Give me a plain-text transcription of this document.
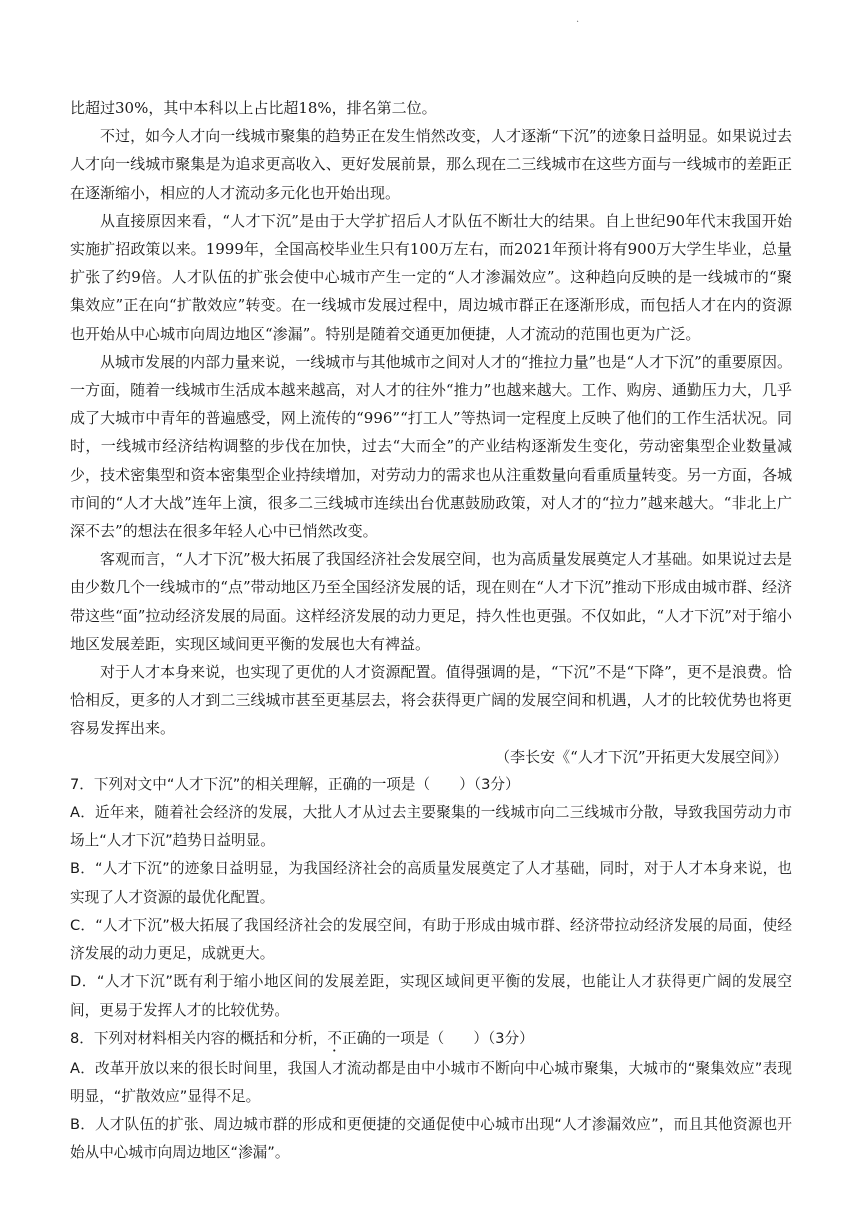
.

比超过30%，其中本科以上占比超18%，排名第二位。

不过，如今人才向一线城市聚集的趋势正在发生悄然改变，人才逐渐“下沉”的迹象日益明显。如果说过去人才向一线城市聚集是为追求更高收入、更好发展前景，那么现在二三线城市在这些方面与一线城市的差距正在逐渐缩小，相应的人才流动多元化也开始出现。

从直接原因来看，“人才下沉”是由于大学扩招后人才队伍不断壮大的结果。自上世纪90年代末我国开始实施扩招政策以来。1999年，全国高校毕业生只有100万左右，而2021年预计将有900万大学生毕业，总量扩张了约9倍。人才队伍的扩张会使中心城市产生一定的“人才渗漏效应”。这种趋向反映的是一线城市的“聚集效应”正在向“扩散效应”转变。在一线城市发展过程中，周边城市群正在逐渐形成，而包括人才在内的资源也开始从中心城市向周边地区“渗漏”。特别是随着交通更加便捷，人才流动的范围也更为广泛。

从城市发展的内部力量来说，一线城市与其他城市之间对人才的“推拉力量”也是“人才下沉”的重要原因。一方面，随着一线城市生活成本越来越高，对人才的往外“推力”也越来越大。工作、购房、通勤压力大，几乎成了大城市中青年的普遍感受，网上流传的“996”“打工人”等热词一定程度上反映了他们的工作生活状况。同时，一线城市经济结构调整的步伐在加快，过去“大而全”的产业结构逐渐发生变化，劳动密集型企业数量减少，技术密集型和资本密集型企业持续增加，对劳动力的需求也从注重数量向看重质量转变。另一方面，各城市间的“人才大战”连年上演，很多二三线城市连续出台优惠鼓励政策，对人才的“拉力”越来越大。“非北上广深不去”的想法在很多年轻人心中已悄然改变。

客观而言，“人才下沉”极大拓展了我国经济社会发展空间，也为高质量发展奠定人才基础。如果说过去是由少数几个一线城市的“点”带动地区乃至全国经济发展的话，现在则在“人才下沉”推动下形成由城市群、经济带这些“面”拉动经济发展的局面。这样经济发展的动力更足，持久性也更强。不仅如此，“人才下沉”对于缩小地区发展差距，实现区域间更平衡的发展也大有裨益。

对于人才本身来说，也实现了更优的人才资源配置。值得强调的是，“下沉”不是“下降”，更不是浪费。恰恰相反，更多的人才到二三线城市甚至更基层去，将会获得更广阔的发展空间和机遇，人才的比较优势也将更容易发挥出来。

（李长安《“人才下沉”开拓更大发展空间》）

7．下列对文中“人才下沉”的相关理解，正确的一项是（　　）（3分）

A．近年来，随着社会经济的发展，大批人才从过去主要聚集的一线城市向二三线城市分散，导致我国劳动力市场上“人才下沉”趋势日益明显。

B．“人才下沉”的迹象日益明显，为我国经济社会的高质量发展奠定了人才基础，同时，对于人才本身来说，也实现了人才资源的最优化配置。

C．“人才下沉”极大拓展了我国经济社会的发展空间，有助于形成由城市群、经济带拉动经济发展的局面，使经济发展的动力更足，成就更大。

D．“人才下沉”既有利于缩小地区间的发展差距，实现区域间更平衡的发展，也能让人才获得更广阔的发展空间，更易于发挥人才的比较优势。

8．下列对材料相关内容的概括和分析，不正确的一项是（　　）（3分）

A．改革开放以来的很长时间里，我国人才流动都是由中小城市不断向中心城市聚集，大城市的“聚集效应”表现明显，“扩散效应”显得不足。

B．人才队伍的扩张、周边城市群的形成和更便捷的交通促使中心城市出现“人才渗漏效应”，而且其他资源也开始从中心城市向周边地区“渗漏”。
